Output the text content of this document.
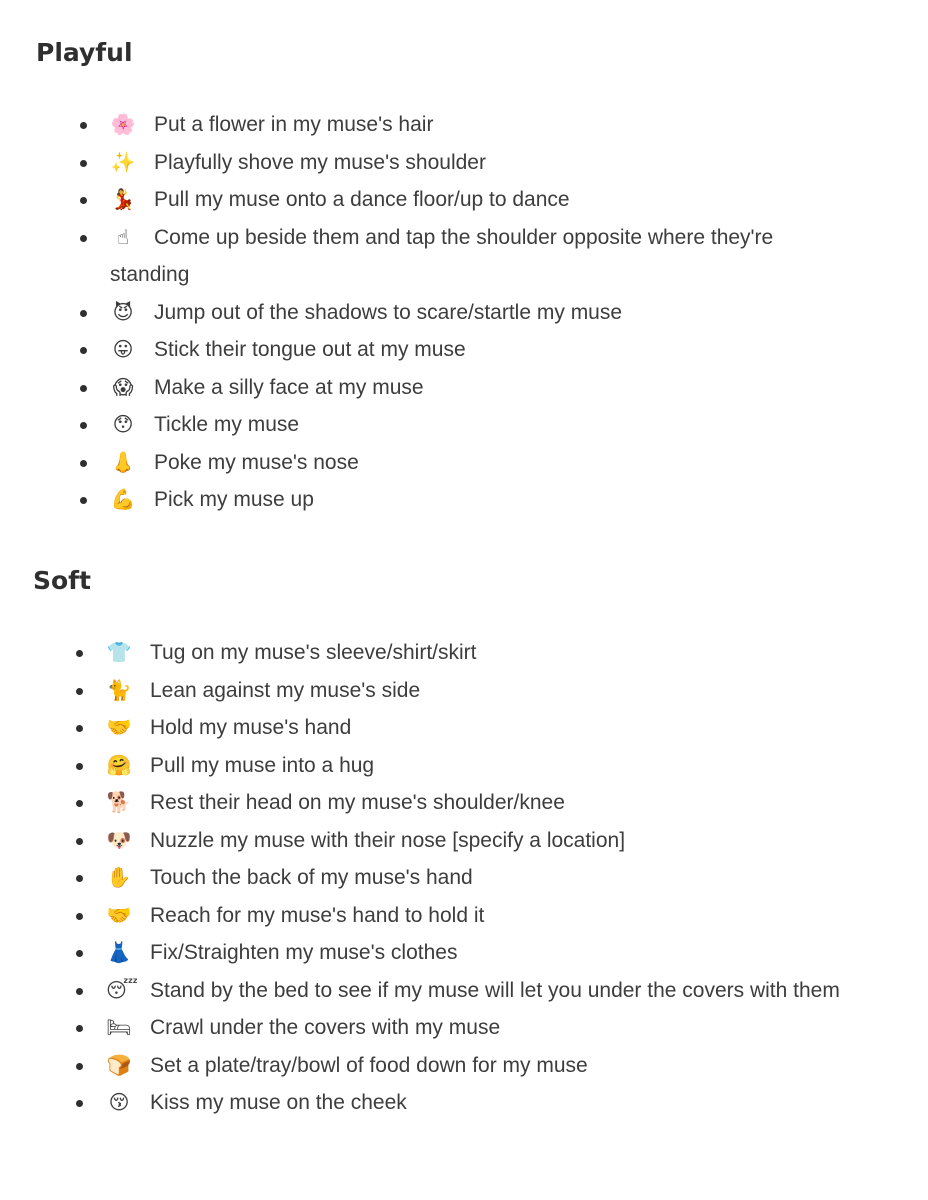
Playful
🌸 Put a flower in my muse's hair
✨ Playfully shove my muse's shoulder
💃 Pull my muse onto a dance floor/up to dance
☝ Come up beside them and tap the shoulder opposite where they're standing
😈 Jump out of the shadows to scare/startle my muse
😛 Stick their tongue out at my muse
😱 Make a silly face at my muse
😯 Tickle my muse
👃 Poke my muse's nose
💪 Pick my muse up
Soft
👕 Tug on my muse's sleeve/shirt/skirt
🐈 Lean against my muse's side
🤝 Hold my muse's hand
🤗 Pull my muse into a hug
🐕 Rest their head on my muse's shoulder/knee
🐶 Nuzzle my muse with their nose [specify a location]
✋ Touch the back of my muse's hand
🤝 Reach for my muse's hand to hold it
👗 Fix/Straighten my muse's clothes
😴 Stand by the bed to see if my muse will let you under the covers with them
🛏 Crawl under the covers with my muse
🍞 Set a plate/tray/bowl of food down for my muse
😚 Kiss my muse on the cheek
